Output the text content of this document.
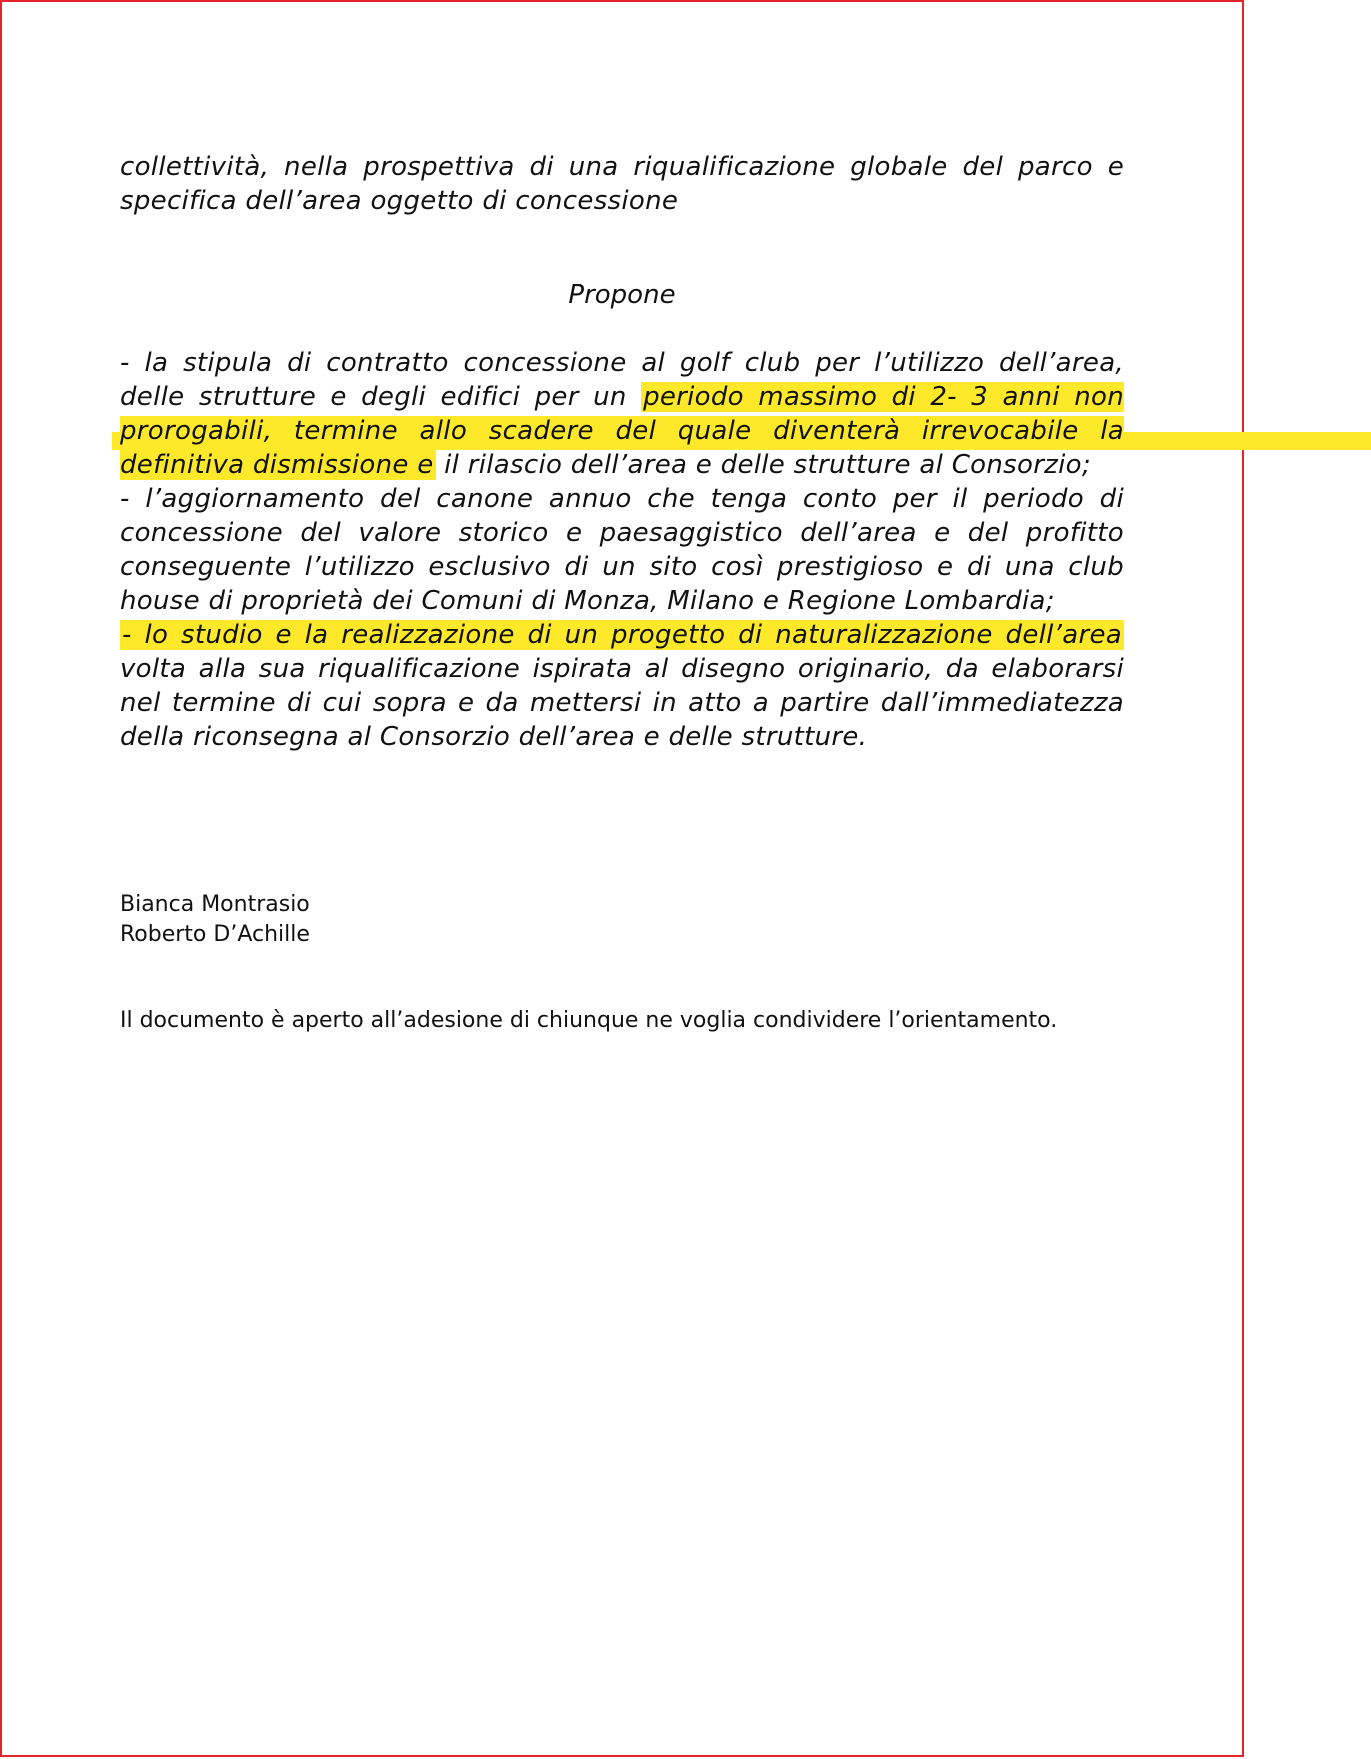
collettività, nella prospettiva di una riqualificazione globale del parco e specifica dell’area oggetto di concessione

Propone

- la stipula di contratto concessione al golf club per l’utilizzo dell’area, delle strutture e degli edifici per un periodo massimo di 2- 3 anni non prorogabili, termine allo scadere del quale diventerà irrevocabile la definitiva dismissione e il rilascio dell’area e delle strutture al Consorzio;
- l’aggiornamento del canone annuo che tenga conto per il periodo di concessione del valore storico e paesaggistico dell’area e del profitto conseguente l’utilizzo esclusivo di un sito così prestigioso e di una club house di proprietà dei Comuni di Monza, Milano e Regione Lombardia;
- lo studio e la realizzazione di un progetto di naturalizzazione dell’area volta alla sua riqualificazione ispirata al disegno originario, da elaborarsi nel termine di cui sopra e da mettersi in atto a partire dall’immediatezza della riconsegna al Consorzio dell’area e delle strutture.

Bianca Montrasio
Roberto D’Achille

Il documento è aperto all’adesione di chiunque ne voglia condividere l’orientamento.
